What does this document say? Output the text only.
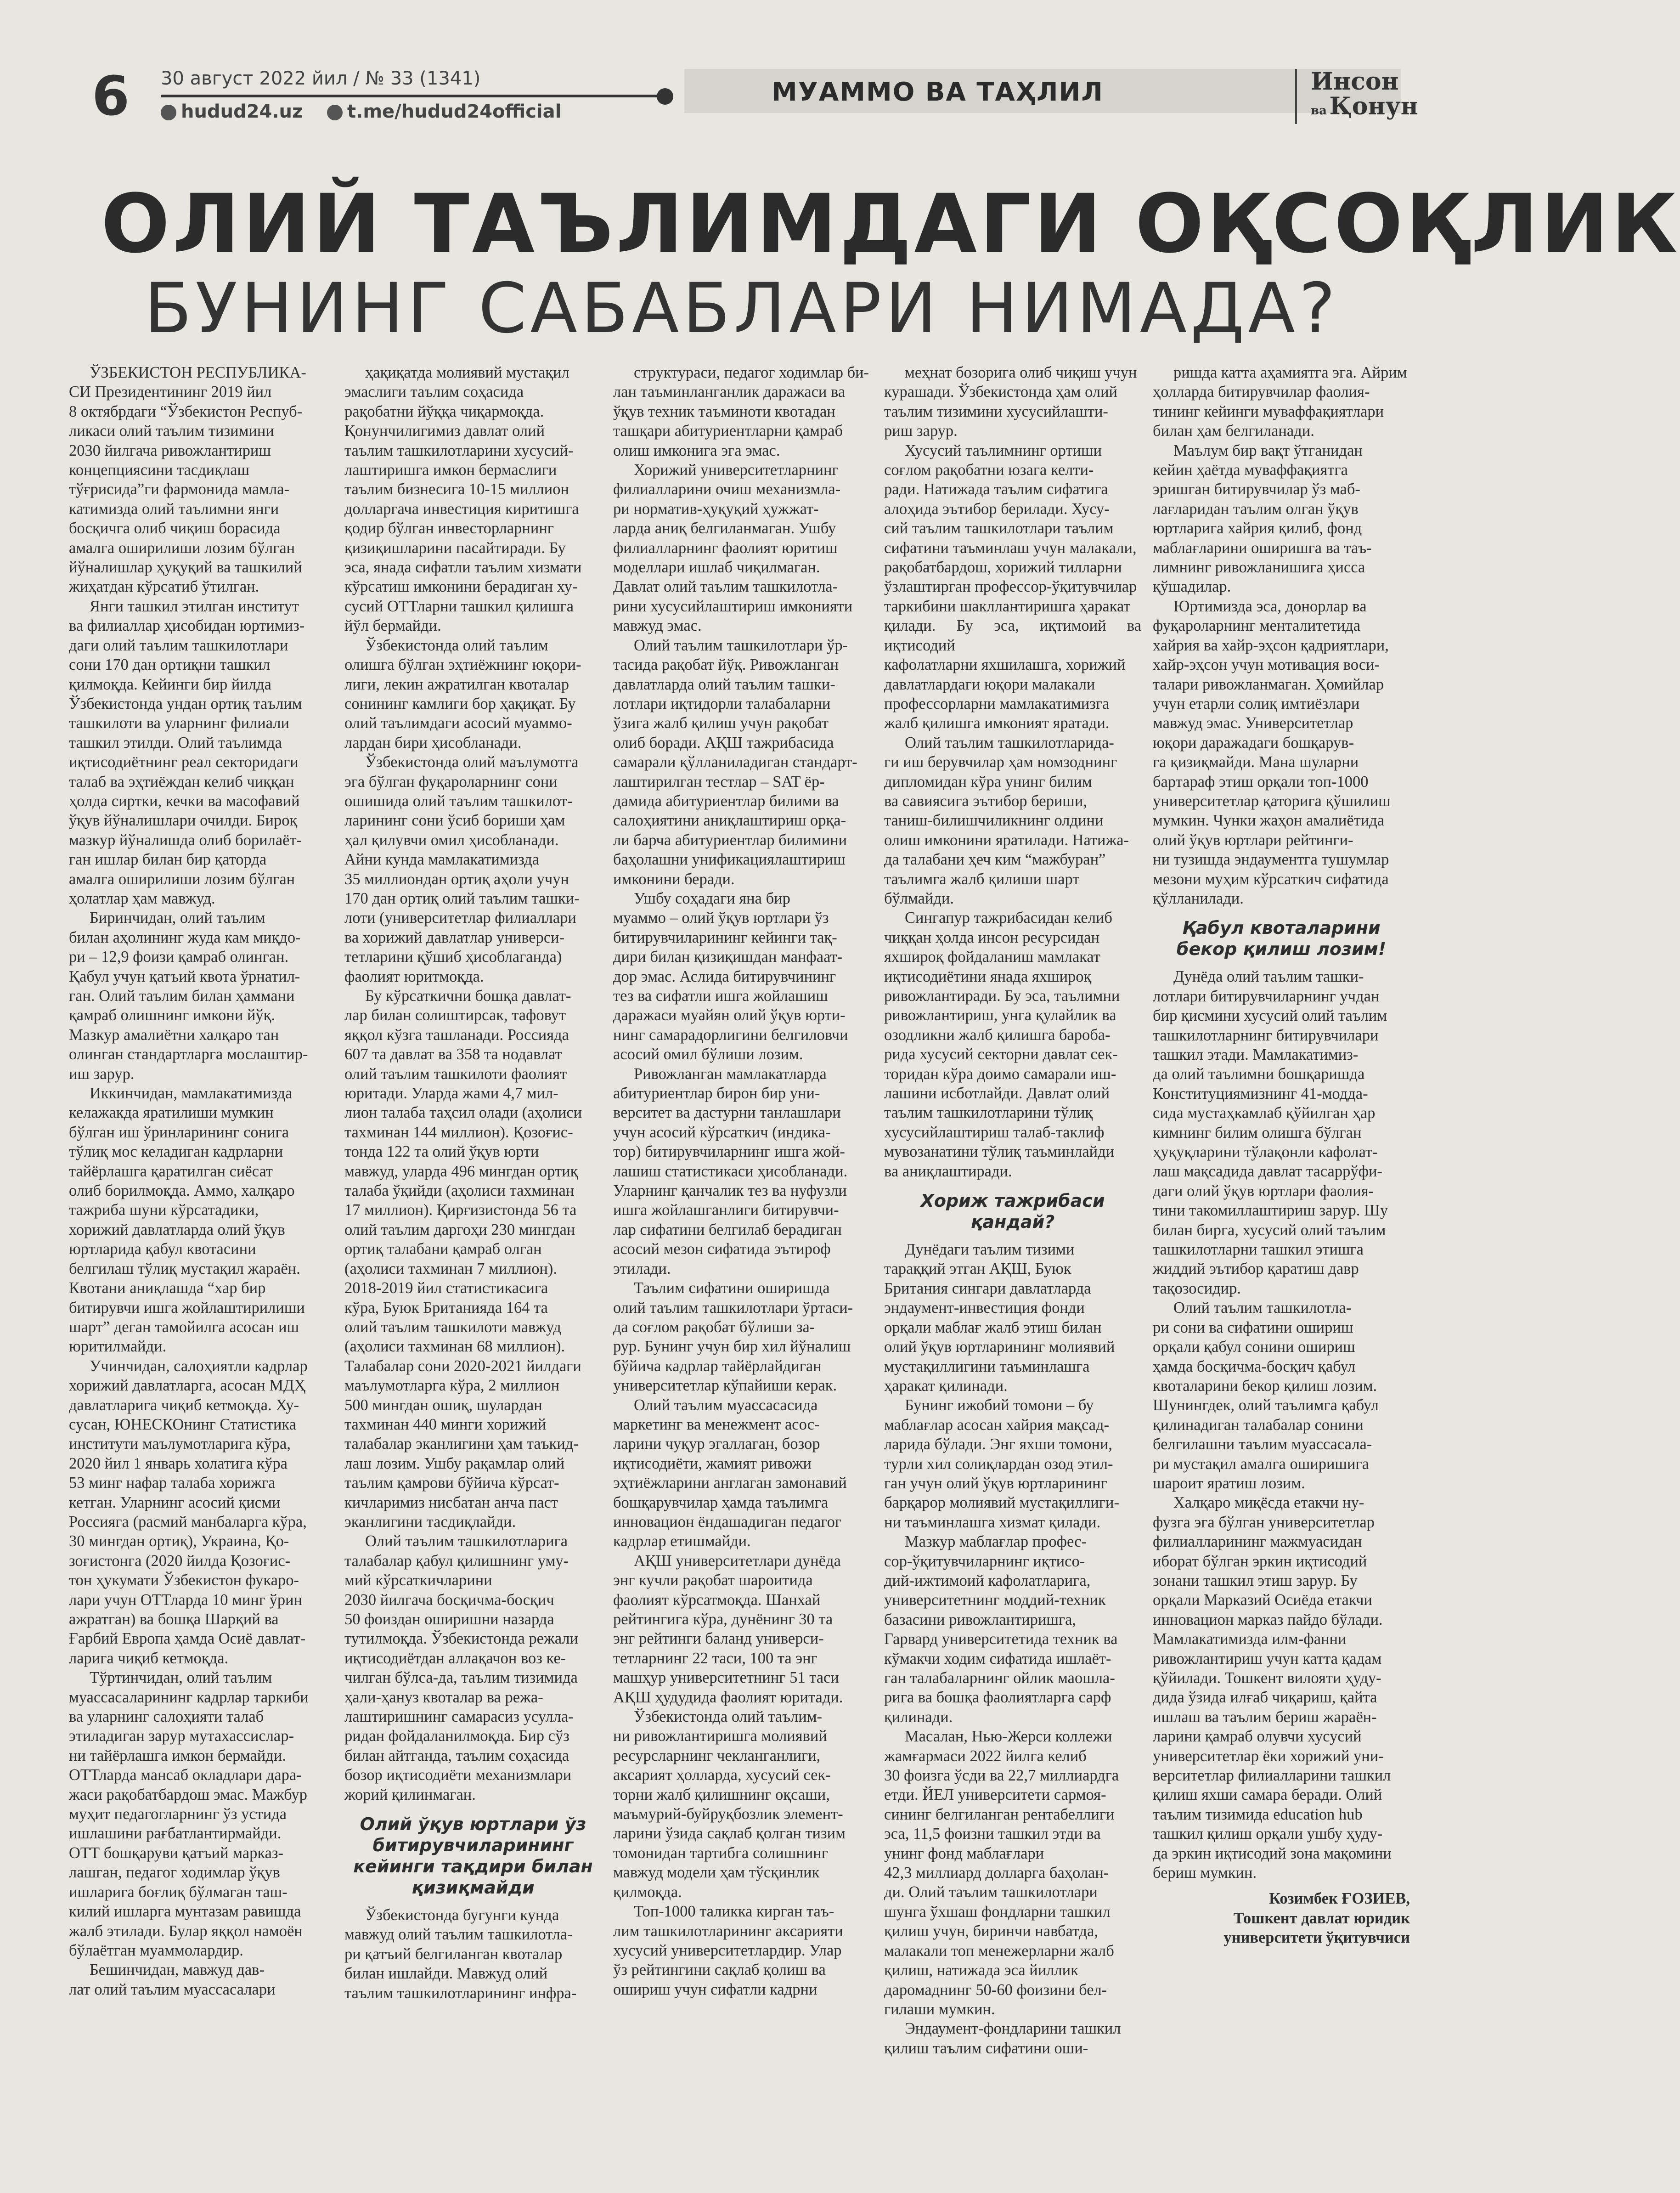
6 30 август 2022 йил / № 33 (1341)
hudud24.uz t.me/hudud24official
МУАММО ВА ТАҲЛИЛ	Инсон
ва Қонун
ОЛИЙ ТАЪЛИМДАГИ ОҚСОҚЛИК
БУНИНГ САБАБЛАРИ НИМАДА?

ЎЗБЕКИСТОН РЕСПУБЛИКА-
СИ Президентининг 2019 йил
8 октябрдаги “Ўзбекистон Респуб-
ликаси олий таълим тизимини
2030 йилгача ривожлантириш
концепциясини тасдиқлаш
тўғрисида”ги фармонида мамла-
катимизда олий таълимни янги
босқичга олиб чиқиш борасида
амалга оширилиши лозим бўлган
йўналишлар ҳуқуқий ва ташкилий
жиҳатдан кўрсатиб ўтилган.

Янги ташкил этилган институт
ва филиаллар ҳисобидан юртимиз-
даги олий таълим ташкилотлари
сони 170 дан ортиқни ташкил
қилмоқда. Кейинги бир йилда
Ўзбекистонда ундан ортиқ таълим
ташкилоти ва уларнинг филиали
ташкил этилди. Олий таълимда
иқтисодиётнинг реал секторидаги
талаб ва эҳтиёждан келиб чиққан
ҳолда сиртки, кечки ва масофавий
ўқув йўналишлари очилди. Бироқ
мазкур йўналишда олиб борилаёт-
ган ишлар билан бир қаторда
амалга оширилиши лозим бўлган
ҳолатлар ҳам мавжуд.

Биринчидан, олий таълим
билан аҳолининг жуда кам миқдо-
ри – 12,9 фоизи қамраб олинган.
Қабул учун қатъий квота ўрнатил-
ган. Олий таълим билан ҳаммани
қамраб олишнинг имкони йўқ.
Мазкур амалиётни халқаро тан
олинган стандартларга мослаштир-
иш зарур.

Иккинчидан, мамлакатимизда
келажакда яратилиши мумкин
бўлган иш ўринларининг сонига
тўлиқ мос келадиган кадрларни
тайёрлашга қаратилган сиёсат
олиб борилмоқда. Аммо, халқаро
тажриба шуни кўрсатадики,
хорижий давлатларда олий ўқув
юртларида қабул квотасини
белгилаш тўлиқ мустақил жараён.
Квотани аниқлашда “хар бир
битирувчи ишга жойлаштирилиши
шарт” деган тамойилга асосан иш
юритилмайди.

Учинчидан, салоҳиятли кадрлар
хорижий давлатларга, асосан МДҲ
давлатларига чиқиб кетмоқда. Ху-
сусан, ЮНЕСКОнинг Статистика
институти маълумотларига кўра,
2020 йил 1 январь холатига кўра
53 минг нафар талаба хорижга
кетган. Уларнинг асосий қисми
Россияга (расмий манбаларга кўра,
30 мингдан ортиқ), Украина, Қо-
зоғистонга (2020 йилда Қозоғис-
тон ҳукумати Ўзбекистон фукаро-
лари учун ОТТларда 10 минг ўрин
ажратган) ва бошқа Шарқий ва
Ғарбий Европа ҳамда Осиё давлат-
ларига чиқиб кетмоқда.

Тўртинчидан, олий таълим
муассасаларининг кадрлар таркиби
ва уларнинг салоҳияти талаб
этиладиган зарур мутахассислар-
ни тайёрлашга имкон бермайди.
ОТТларда мансаб окладлари дара-
жаси рақобатбардош эмас. Мажбур
муҳит педагогларнинг ўз устида
ишлашини рағбатлантирмайди.
ОТТ бошқаруви қатъий марказ-
лашган, педагог ходимлар ўқув
ишларига боғлиқ бўлмаган таш-
килий ишларга мунтазам равишда
жалб этилади. Булар яққол намоён
бўлаётган муаммолардир.

Бешинчидан, мавжуд дав-
лат олий таълим муассасалари

ҳақиқатда молиявий мустақил
эмаслиги таълим соҳасида
рақобатни йўққа чиқармоқда.
Қонунчилигимиз давлат олий
таълим ташкилотларини хусусий-
лаштиришга имкон бермаслиги
таълим бизнесига 10-15 миллион
долларгача инвестиция киритишга
қодир бўлган инвесторларнинг
қизиқишларини пасайтиради. Бу
эса, янада сифатли таълим хизмати
кўрсатиш имконини берадиган ху-
сусий ОТТларни ташкил қилишга
йўл бермайди.

Ўзбекистонда олий таълим
олишга бўлган эҳтиёжнинг юқори-
лиги, лекин ажратилган квоталар
сонининг камлиги бор ҳақиқат. Бу
олий таълимдаги асосий муаммо-
лардан бири ҳисобланади.

Ўзбекистонда олий маълумотга
эга бўлган фуқароларнинг сони
ошишида олий таълим ташкилот-
ларининг сони ўсиб бориши ҳам
ҳал қилувчи омил ҳисобланади.
Айни кунда мамлакатимизда
35 миллиондан ортиқ аҳоли учун
170 дан ортиқ олий таълим ташки-
лоти (университетлар филиаллари
ва хорижий давлатлар универси-
тетларини қўшиб ҳисоблаганда)
фаолият юритмоқда.

Бу кўрсаткични бошқа давлат-
лар билан солиштирсак, тафовут
яққол кўзга ташланади. Россияда
607 та давлат ва 358 та нодавлат
олий таълим ташкилоти фаолият
юритади. Уларда жами 4,7 мил-
лион талаба таҳсил олади (аҳолиси
тахминан 144 миллион). Қозоғис-
тонда 122 та олий ўқув юрти
мавжуд, уларда 496 мингдан ортиқ
талаба ўқийди (аҳолиси тахминан
17 миллион). Қирғизистонда 56 та
олий таълим даргоҳи 230 мингдан
ортиқ талабани қамраб олган
(аҳолиси тахминан 7 миллион).
2018-2019 йил статистикасига
кўра, Буюк Британияда 164 та
олий таълим ташкилоти мавжуд
(аҳолиси тахминан 68 миллион).
Талабалар сони 2020-2021 йилдаги
маълумотларга кўра, 2 миллион
500 мингдан ошиқ, шулардан
тахминан 440 минги хорижий
талабалар эканлигини ҳам таъкид-
лаш лозим. Ушбу рақамлар олий
таълим қамрови бўйича кўрсат-
кичларимиз нисбатан анча паст
эканлигини тасдиқлайди.

Олий таълим ташкилотларига
талабалар қабул қилишнинг уму-
мий кўрсаткичларини
2030 йилгача босқичма-босқич
50 фоиздан оширишни назарда
тутилмоқда. Ўзбекистонда режали
иқтисодиётдан аллақачон воз ке-
чилган бўлса-да, таълим тизимида
ҳали-ҳануз квоталар ва режа-
лаштиришнинг самарасиз усулла-
ридан фойдаланилмоқда. Бир сўз
билан айтганда, таълим соҳасида
бозор иқтисодиёти механизмлари
жорий қилинмаган.

Олий ўқув юртлари ўз битирувчиларининг кейинги тақдири билан қизиқмайди

Ўзбекистонда бугунги кунда
мавжуд олий таълим ташкилотла-
ри қатъий белгиланган квоталар
билан ишлайди. Мавжуд олий
таълим ташкилотларининг инфра-

структураси, педагог ходимлар би-
лан таъминланганлик даражаси ва
ўқув техник таъминоти квотадан
ташқари абитуриентларни қамраб
олиш имконига эга эмас.

Хорижий университетларнинг
филиалларини очиш механизмла-
ри норматив-ҳуқуқий ҳужжат-
ларда аниқ белгиланмаган. Ушбу
филиалларнинг фаолият юритиш
моделлари ишлаб чиқилмаган.
Давлат олий таълим ташкилотла-
рини хусусийлаштириш имконияти
мавжуд эмас.

Олий таълим ташкилотлари ўр-
тасида рақобат йўқ. Ривожланган
давлатларда олий таълим ташки-
лотлари иқтидорли талабаларни
ўзига жалб қилиш учун рақобат
олиб боради. АҚШ тажрибасида
самарали қўлланиладиган стандарт-
лаштирилган тестлар – SAT ёр-
дамида абитуриентлар билими ва
салоҳиятини аниқлаштириш орқа-
ли барча абитуриентлар билимини
баҳолашни унификациялаштириш
имконини беради.

Ушбу соҳадаги яна бир
муаммо – олий ўқув юртлари ўз
битирувчиларининг кейинги тақ-
дири билан қизиқишдан манфаат-
дор эмас. Аслида битирувчининг
тез ва сифатли ишга жойлашиш
даражаси муайян олий ўқув юрти-
нинг самарадорлигини белгиловчи
асосий омил бўлиши лозим.

Ривожланган мамлакатларда
абитуриентлар бирон бир уни-
верситет ва дастурни танлашлари
учун асосий кўрсаткич (индика-
тор) битирувчиларнинг ишга жой-
лашиш статистикаси ҳисобланади.
Уларнинг қанчалик тез ва нуфузли
ишга жойлашганлиги битирувчи-
лар сифатини белгилаб берадиган
асосий мезон сифатида эътироф
этилади.

Таълим сифатини оширишда
олий таълим ташкилотлари ўртаси-
да соғлом рақобат бўлиши за-
рур. Бунинг учун бир хил йўналиш
бўйича кадрлар тайёрлайдиган
университетлар кўпайиши керак.

Олий таълим муассасасида
маркетинг ва менежмент асос-
ларини чуқур эгаллаган, бозор
иқтисодиёти, жамият ривожи
эҳтиёжларини англаган замонавий
бошқарувчилар ҳамда таълимга
инновацион ёндашадиган педагог
кадрлар етишмайди.

АҚШ университетлари дунёда
энг кучли рақобат шароитида
фаолият кўрсатмоқда. Шанхай
рейтингига кўра, дунёнинг 30 та
энг рейтинги баланд универси-
тетларнинг 22 таси, 100 та энг
машҳур университетнинг 51 таси
АҚШ ҳудудида фаолият юритади.

Ўзбекистонда олий таълим-
ни ривожлантиришга молиявий
ресурсларнинг чекланганлиги,
аксарият ҳолларда, хусусий сек-
торни жалб қилишнинг оқсаши,
маъмурий-буйруқбозлик элемент-
ларини ўзида сақлаб қолган тизим
томонидан тартибга солишнинг
мавжуд модели ҳам тўсқинлик
қилмоқда.

Топ-1000 таликка кирган таъ-
лим ташкилотларининг аксарияти
хусусий университетлардир. Улар
ўз рейтингини сақлаб қолиш ва
ошириш учун сифатли кадрни

меҳнат бозорига олиб чиқиш учун
курашади. Ўзбекистонда ҳам олий
таълим тизимини хусусийлашти-
риш зарур.

Хусусий таълимнинг ортиши
соғлом рақобатни юзага келти-
ради. Натижада таълим сифатига
алоҳида эътибор берилади. Хусу-
сий таълим ташкилотлари таълим
сифатини таъминлаш учун малакали,
рақобатбардош, хорижий тилларни
ўзлаштирган профессор-ўқитувчилар
таркибини шакллантиришга ҳаракат
қилади. Бу эса, иқтимоий ва иқтисодий
кафолатларни яхшилашга, хорижий
давлатлардаги юқори малакали
профессорларни мамлакатимизга
жалб қилишга имконият яратади.

Олий таълим ташкилотларида-
ги иш берувчилар ҳам номзоднинг
дипломидан кўра унинг билим
ва савиясига эътибор бериши,
таниш-билишчиликнинг олдини
олиш имконини яратилади. Натижа-
да талабани ҳеч ким “мажбуран”
таълимга жалб қилиши шарт
бўлмайди.

Сингапур тажрибасидан келиб
чиққан ҳолда инсон ресурсидан
яхшироқ фойдаланиш мамлакат
иқтисодиётини янада яхшироқ
ривожлантиради. Бу эса, таълимни
ривожлантириш, унга қулайлик ва
озодликни жалб қилишга бароба-
рида хусусий секторни давлат сек-
торидан кўра доимо самарали иш-
лашини исботлайди. Давлат олий
таълим ташкилотларини тўлиқ
хусусийлаштириш талаб-таклиф
мувозанатини тўлиқ таъминлайди
ва аниқлаштиради.

Хориж тажрибаси қандай?

Дунёдаги таълим тизими
тараққий этган АҚШ, Буюк
Британия сингари давлатларда
эндаумент-инвестиция фонди
орқали маблағ жалб этиш билан
олий ўқув юртларининг молиявий
мустақиллигини таъминлашга
ҳаракат қилинади.

Бунинг ижобий томони – бу
маблағлар асосан хайрия мақсад-
ларида бўлади. Энг яхши томони,
турли хил солиқлардан озод этил-
ган учун олий ўқув юртларининг
барқарор молиявий мустақиллиги-
ни таъминлашга хизмат қилади.

Мазкур маблағлар профес-
сор-ўқитувчиларнинг иқтисо-
дий-ижтимоий кафолатларига,
университетнинг моддий-техник
базасини ривожлантиришга,
Гарвард университетида техник ва
кўмакчи ходим сифатида ишлаёт-
ган талабаларнинг ойлик маошла-
рига ва бошқа фаолиятларга сарф
қилинади.

Масалан, Нью-Жерси коллежи
жамғармаси 2022 йилга келиб
30 фоизга ўсди ва 22,7 миллиардга
етди. ЙЕЛ университети сармоя-
сининг белгиланган рентабеллиги
эса, 11,5 фоизни ташкил этди ва
унинг фонд маблағлари
42,3 миллиард долларга баҳолан-
ди. Олий таълим ташкилотлари
шунга ўхшаш фондларни ташкил
қилиш учун, биринчи навбатда,
малакали топ менежерларни жалб
қилиш, натижада эса йиллик
даромаднинг 50-60 фоизини бел-
гилаши мумкин.

Эндаумент-фондларини ташкил
қилиш таълим сифатини оши-

ришда катта аҳамиятга эга. Айрим
ҳолларда битирувчилар фаолия-
тининг кейинги муваффақиятлари
билан ҳам белгиланади.

Маълум бир вақт ўтганидан
кейин ҳаётда муваффақиятга
эришган битирувчилар ўз маб-
лағларидан таълим олган ўқув
юртларига хайрия қилиб, фонд
маблағларини оширишга ва таъ-
лимнинг ривожланишига ҳисса
қўшадилар.

Юртимизда эса, донорлар ва
фуқароларнинг менталитетида
хайрия ва хайр-эҳсон қадриятлари,
хайр-эҳсон учун мотивация воси-
талари ривожланмаган. Ҳомийлар
учун етарли солиқ имтиёзлари
мавжуд эмас. Университетлар
юқори даражадаги бошқарув-
га қизиқмайди. Мана шуларни
бартараф этиш орқали топ-1000
университетлар қаторига қўшилиш
мумкин. Чунки жаҳон амалиётида
олий ўқув юртлари рейтинги-
ни тузишда эндаументга тушумлар
мезони муҳим кўрсаткич сифатида
қўлланилади.

Қабул квоталарини бекор қилиш лозим!

Дунёда олий таълим ташки-
лотлари битирувчиларнинг учдан
бир қисмини хусусий олий таълим
ташкилотларнинг битирувчилари
ташкил этади. Мамлакатимиз-
да олий таълимни бошқаришда
Конституциямизнинг 41-модда-
сида мустаҳкамлаб қўйилган ҳар
кимнинг билим олишга бўлган
ҳуқуқларини тўлақонли кафолат-
лаш мақсадида давлат тасаррўфи-
даги олий ўқув юртлари фаолия-
тини такомиллаштириш зарур. Шу
билан бирга, хусусий олий таълим
ташкилотларни ташкил этишга
жиддий эътибор қаратиш давр
тақозосидир.

Олий таълим ташкилотла-
ри сони ва сифатини ошириш
орқали қабул сонини ошириш
ҳамда босқичма-босқич қабул
квоталарини бекор қилиш лозим.
Шунингдек, олий таълимга қабул
қилинадиган талабалар сонини
белгилашни таълим муассасала-
ри мустақил амалга оширишига
шароит яратиш лозим.

Халқаро миқёсда етакчи ну-
фузга эга бўлган университетлар
филиалларининг мажмуасидан
иборат бўлган эркин иқтисодий
зонани ташкил этиш зарур. Бу
орқали Марказий Осиёда етакчи
инновацион марказ пайдо бўлади.
Мамлакатимизда илм-фанни
ривожлантириш учун катта қадам
қўйилади. Тошкент вилояти ҳуду-
дида ўзида илғаб чиқариш, қайта
ишлаш ва таълим бериш жараён-
ларини қамраб олувчи хусусий
университетлар ёки хорижий уни-
верситетлар филиалларини ташкил
қилиш яхши самара беради. Олий
таълим тизимида education hub
ташкил қилиш орқали ушбу ҳуду-
да эркин иқтисодий зона мақомини
бериш мумкин.

Козимбек ҒОЗИЕВ,
Тошкент давлат юридик университети ўқитувчиси
